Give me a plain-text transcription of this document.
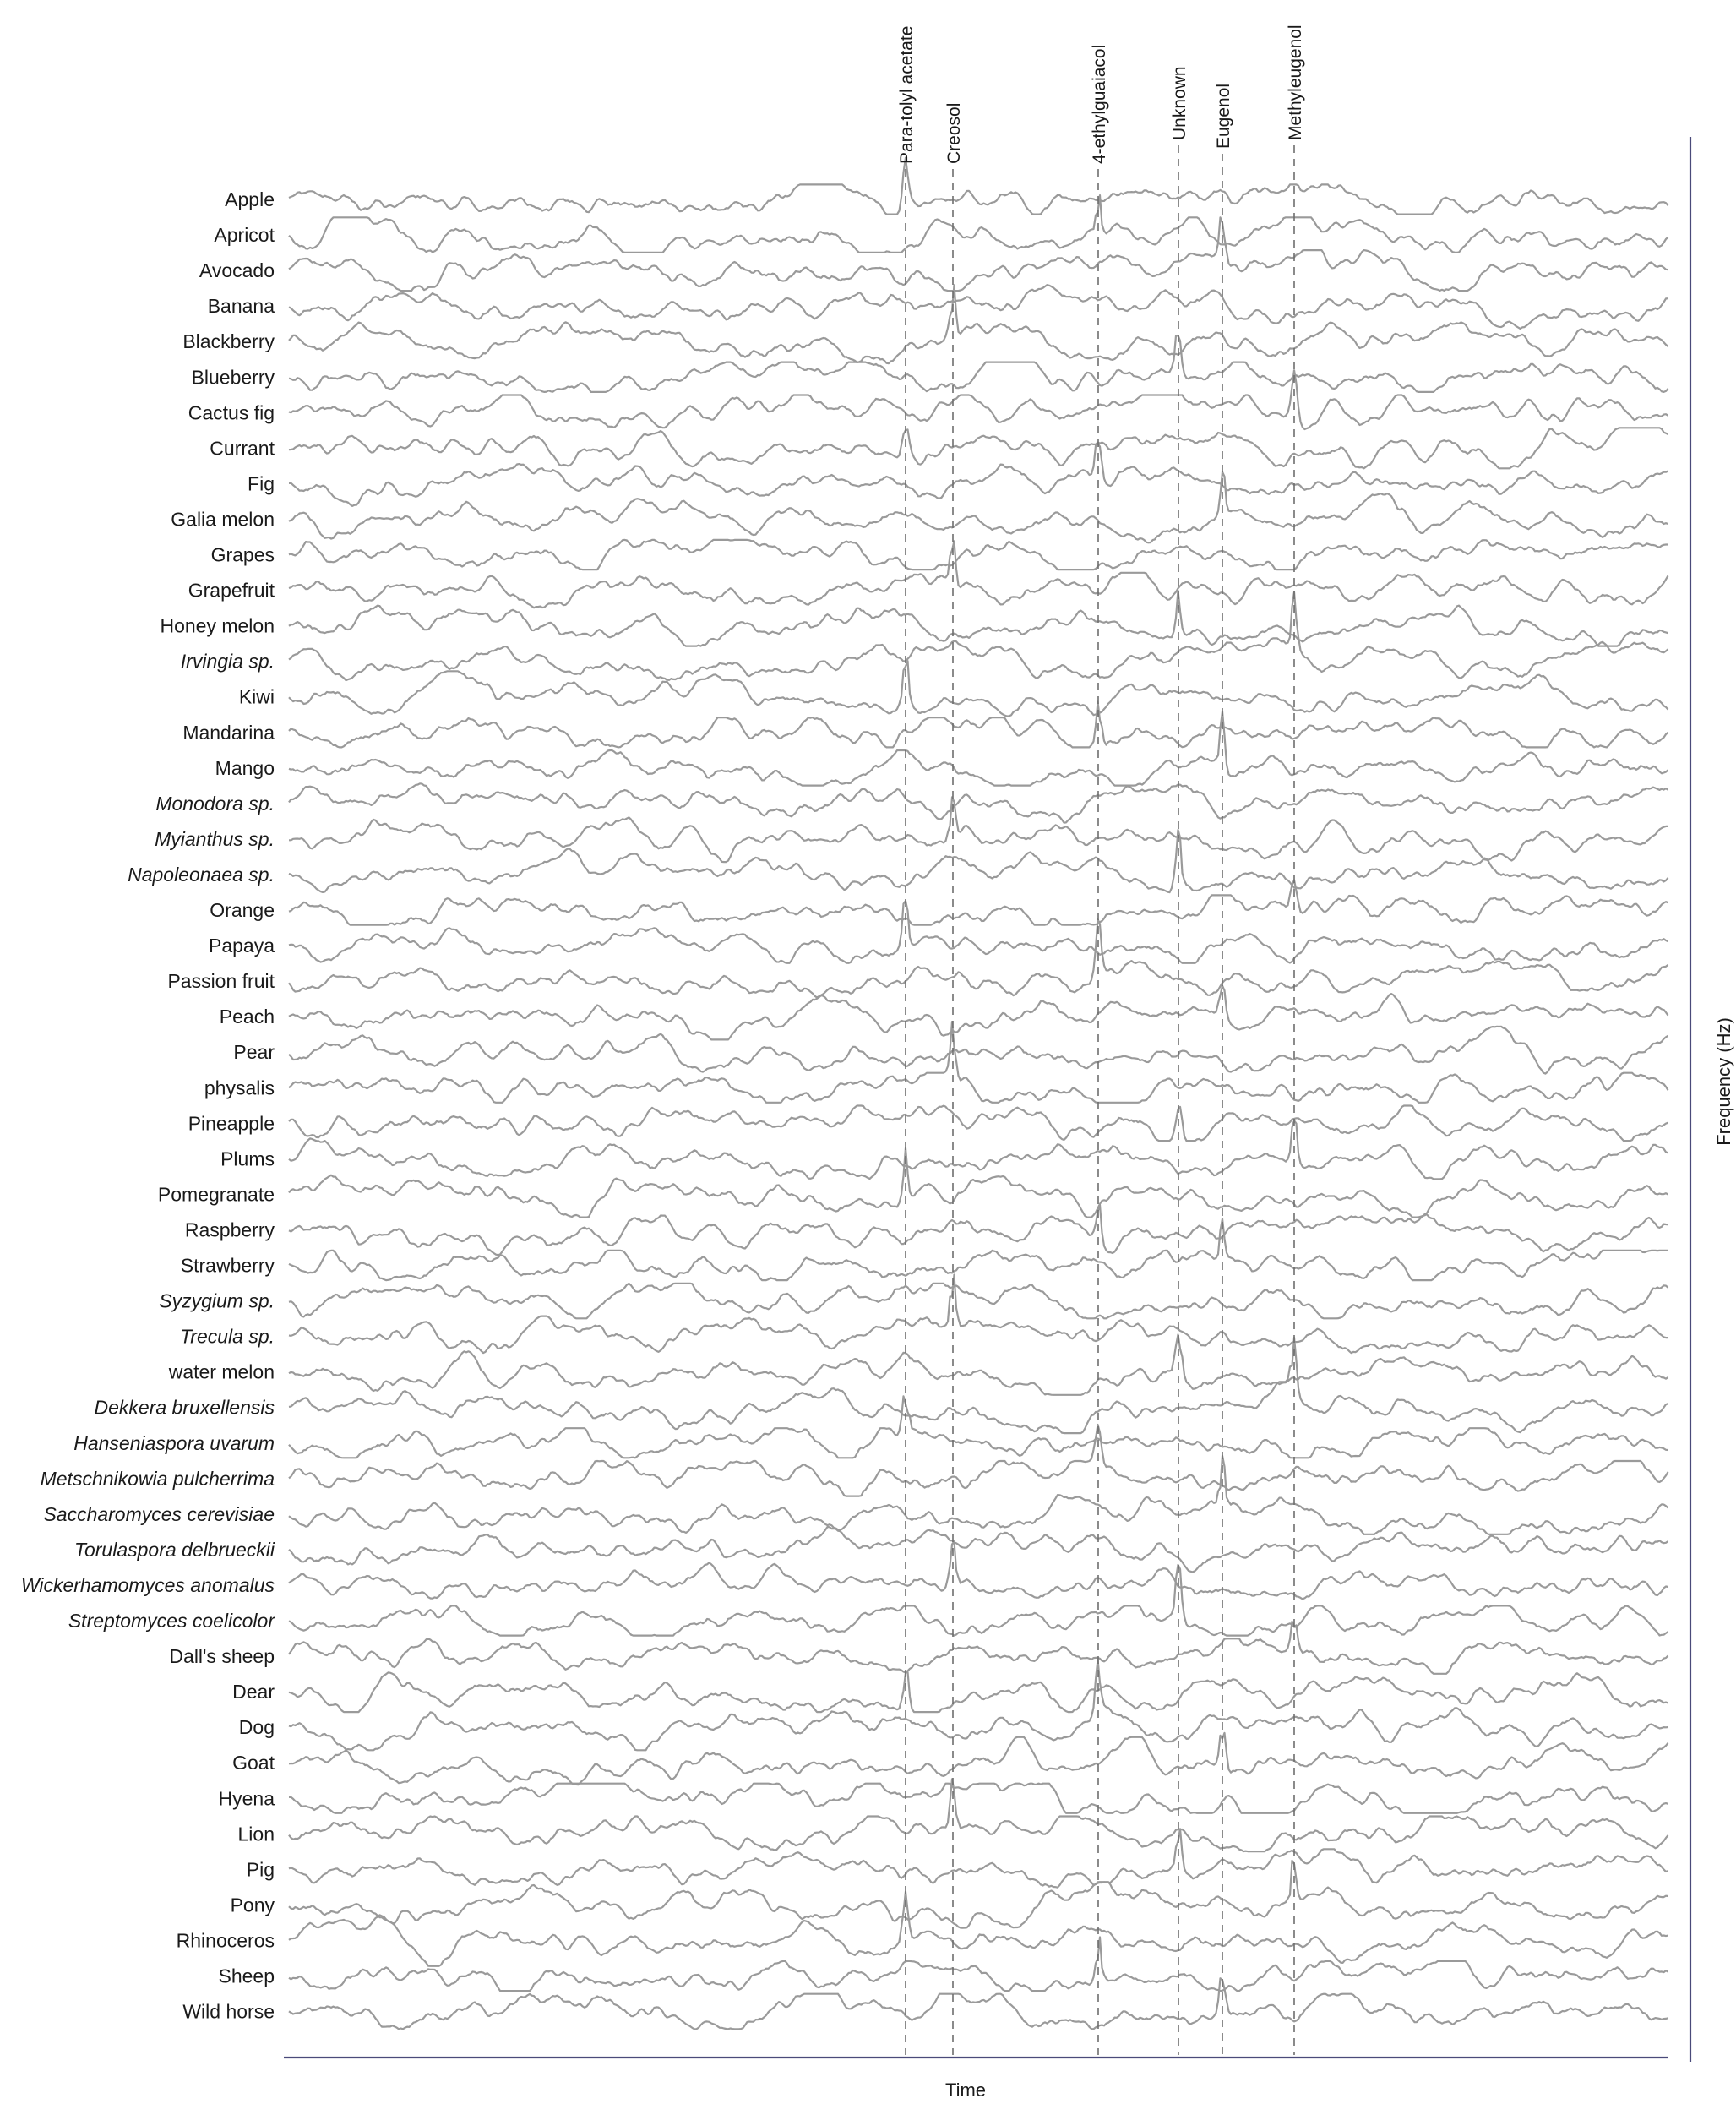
Para-tolyl acetate Creosol	4-ethylguaiacol	Unknown Eugenol	Methyleugenol
Apple
Apricot
Avocado
Banana
Blackberry
Blueberry
Cactus fig
Currant
Fig
Galia melon
Grapes
Grapefruit
Honey melon
Irvingia sp.
Kiwi
Mandarina
Mango
Monodora sp.
Myianthus sp.
Napoleonaea sp.
Orange
Papaya
Passion fruit
Peach
Pear
physalis
Pineapple
Plums
Pomegranate
Raspberry
Strawberry
Syzygium sp.
Trecula sp.
water melon
Dekkera bruxellensis
Hanseniaspora uvarum
Metschnikowia pulcherrima
Saccharomyces cerevisiae
Torulaspora delbrueckii
Wickerhamomyces anomalus
Streptomyces coelicolor
Dall's sheep
Dear
Dog
Goat
Hyena
Lion
Pig
Pony
Rhinoceros
Sheep
Wild horse
Time
Frequency (Hz)
